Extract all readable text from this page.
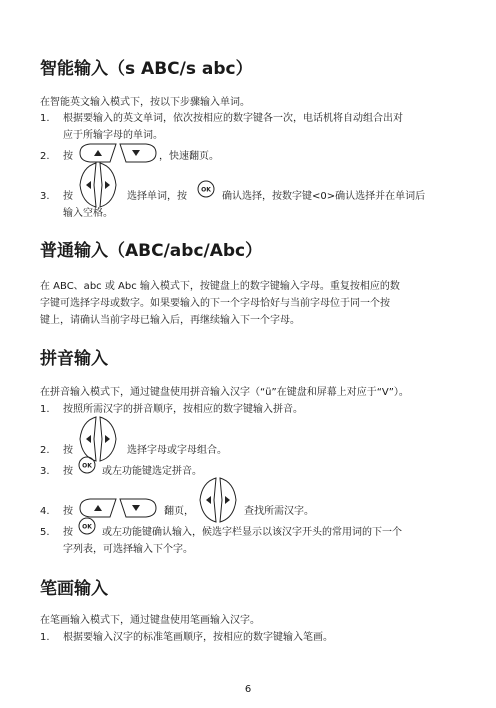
智能输入（s ABC/s abc）
在智能英文输入模式下，按以下步骤输入单词。
1. 根据要输入的英文单词，依次按相应的数字键各一次，电话机将自动组合出对
应于所输字母的单词。
2. 按	，快速翻页。
3. 按	选择单词，按
OK
确认选择，按数字键<0>确认选择并在单词后
输入空格。
普通输入（ABC/abc/Abc）
在 ABC、abc 或 Abc 输入模式下，按键盘上的数字键输入字母。重复按相应的数
字键可选择字母或数字。如果要输入的下一个字母恰好与当前字母位于同一个按
键上，请确认当前字母已输入后，再继续输入下一个字母。
拼音输入
在拼音输入模式下，通过键盘使用拼音输入汉字（“ü”在键盘和屏幕上对应于“V”）。
1. 按照所需汉字的拼音顺序，按相应的数字键输入拼音。
2. 按	选择字母或字母组合。
3. 按 OK 或左功能键选定拼音。
4. 按	翻页，	查找所需汉字。
5. 按 OK 或左功能键确认输入，候选字栏显示以该汉字开头的常用词的下一个
字列表，可选择输入下个字。
笔画输入
在笔画输入模式下，通过键盘使用笔画输入汉字。
1. 根据要输入汉字的标准笔画顺序，按相应的数字键输入笔画。
6
